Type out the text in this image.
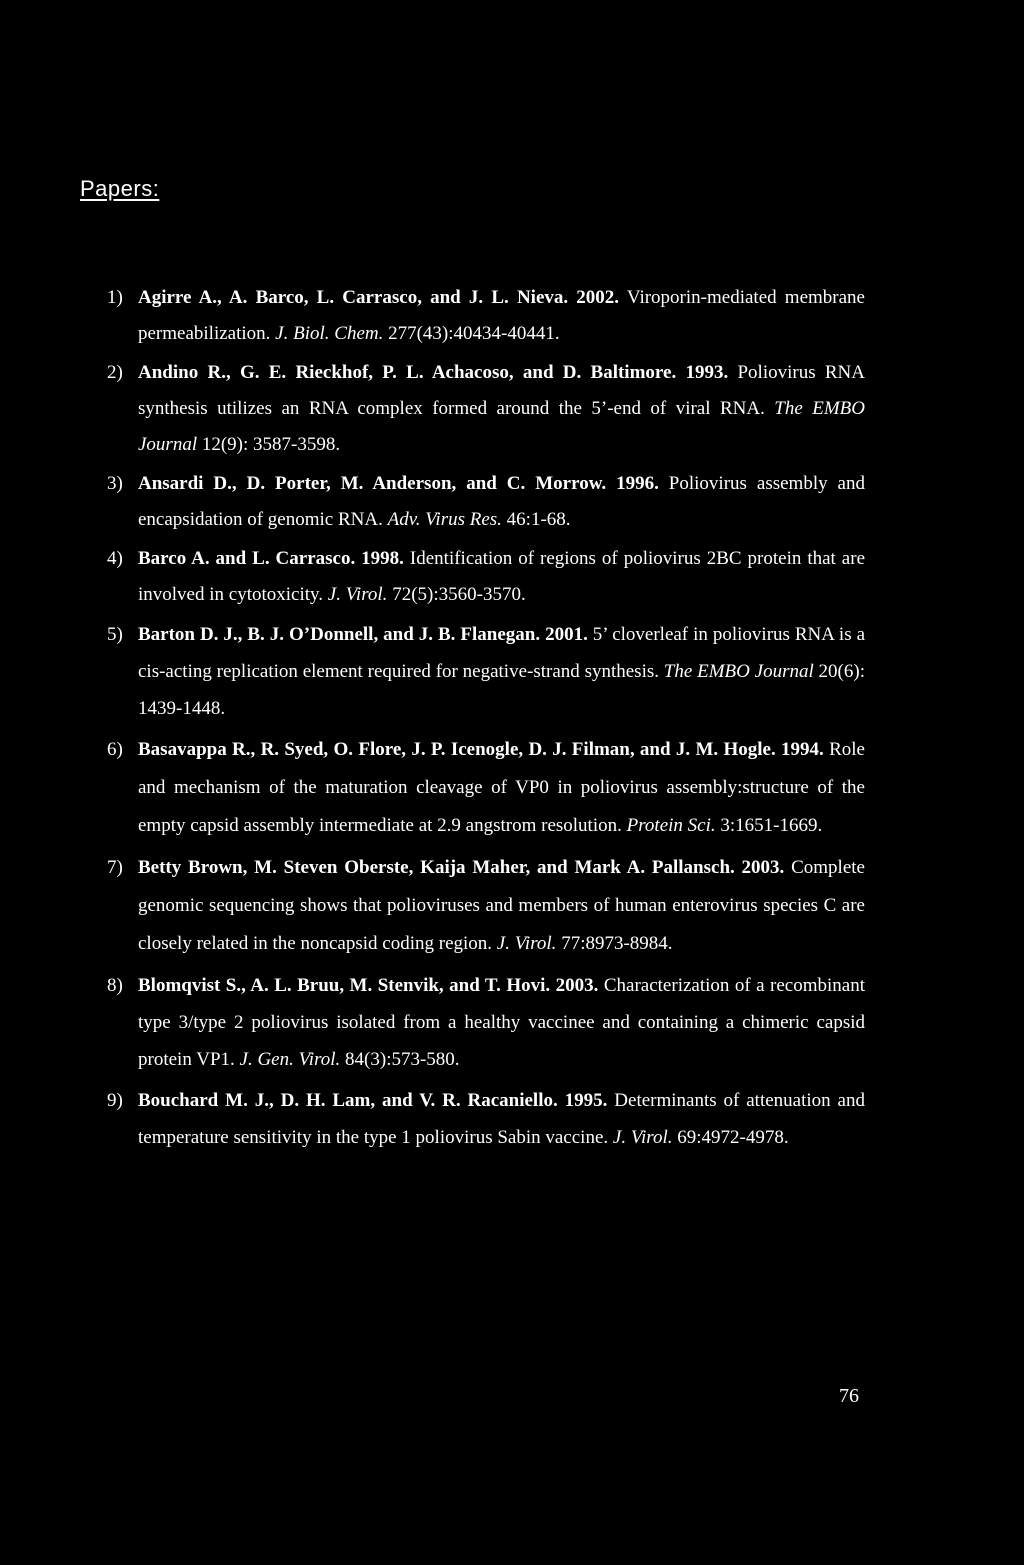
Papers:
1) Agirre A., A. Barco, L. Carrasco, and J. L. Nieva. 2002. Viroporin-mediated membrane permeabilization. J. Biol. Chem. 277(43):40434-40441.
2) Andino R., G. E. Rieckhof, P. L. Achacoso, and D. Baltimore. 1993. Poliovirus RNA synthesis utilizes an RNA complex formed around the 5’-end of viral RNA. The EMBO Journal 12(9): 3587-3598.
3) Ansardi D., D. Porter, M. Anderson, and C. Morrow. 1996. Poliovirus assembly and encapsidation of genomic RNA. Adv. Virus Res. 46:1-68.
4) Barco A. and L. Carrasco. 1998. Identification of regions of poliovirus 2BC protein that are involved in cytotoxicity. J. Virol. 72(5):3560-3570.
5) Barton D. J., B. J. O’Donnell, and J. B. Flanegan. 2001. 5’ cloverleaf in poliovirus RNA is a cis-acting replication element required for negative-strand synthesis. The EMBO Journal 20(6): 1439-1448.
6) Basavappa R., R. Syed, O. Flore, J. P. Icenogle, D. J. Filman, and J. M. Hogle. 1994. Role and mechanism of the maturation cleavage of VP0 in poliovirus assembly:structure of the empty capsid assembly intermediate at 2.9 angstrom resolution. Protein Sci. 3:1651-1669.
7) Betty Brown, M. Steven Oberste, Kaija Maher, and Mark A. Pallansch. 2003. Complete genomic sequencing shows that polioviruses and members of human enterovirus species C are closely related in the noncapsid coding region. J. Virol. 77:8973-8984.
8) Blomqvist S., A. L. Bruu, M. Stenvik, and T. Hovi. 2003. Characterization of a recombinant type 3/type 2 poliovirus isolated from a healthy vaccinee and containing a chimeric capsid protein VP1. J. Gen. Virol. 84(3):573-580.
9) Bouchard M. J., D. H. Lam, and V. R. Racaniello. 1995. Determinants of attenuation and temperature sensitivity in the type 1 poliovirus Sabin vaccine. J. Virol. 69:4972-4978.
76
